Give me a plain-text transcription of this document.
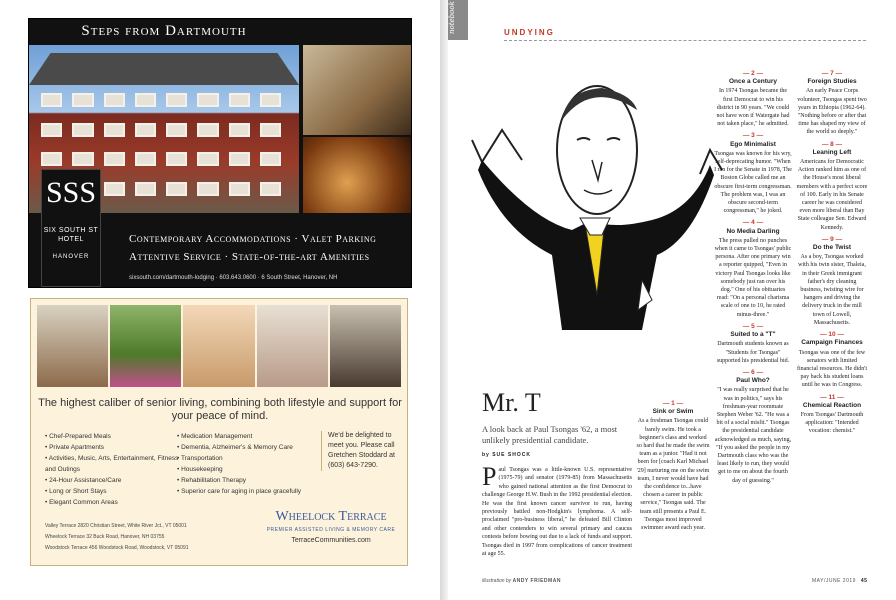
Steps from Dartmouth
SSS
SIX SOUTH ST HOTEL
HANOVER
Contemporary Accommodations · Valet Parking
Attentive Service · State-of-the-art Amenities
sixsouth.com/dartmouth-lodging · 603.643.0600 · 6 South Street, Hanover, NH
The highest caliber of senior living, combining both lifestyle and support for your peace of mind.
• Chef-Prepared Meals
• Private Apartments
• Activities, Music, Arts, Entertainment, Fitness and Outings
• 24-Hour Assistance/Care
• Long or Short Stays
• Elegant Common Areas
• Medication Management
• Dementia, Alzheimer's & Memory Care
• Transportation
• Housekeeping
• Rehabilitation Therapy
• Superior care for aging in place gracefully
We'd be delighted to meet you. Please call Gretchen Stoddard at (603) 643-7290.
Valley Terrace 2820 Christian Street, White River Jct., VT 05001
Wheelock Terrace 32 Buck Road, Hanover, NH 03755
Woodstock Terrace 456 Woodstock Road, Woodstock, VT 05091
Wheelock Terrace
PREMIER ASSISTED LIVING & MEMORY CARE
TerraceCommunities.com
notebook	UNDYING
Mr. T
A look back at Paul Tsongas '62, a most unlikely presidential candidate.
by SUE SHOCK
Paul Tsongas was a little-known U.S. representative (1975-79) and senator (1979-85) from Massachusetts who gained national attention as the first Democrat to challenge George H.W. Bush in the 1992 presidential election. He was the first known cancer survivor to run, having previously battled non-Hodgkin's lymphoma. A self-proclaimed "pro-business liberal," he defeated Bill Clinton and other contenders to win several primary and caucus contests before bowing out due to a lack of funds and support. Tsongas died in 1997 from complications of cancer treatment at age 55.
— 1 —
Sink or Swim
As a freshman Tsongas could barely swim. He took a beginner's class and worked so hard that he made the swim team as a junior. "Had it not been for [coach Karl Michael '29] nurturing me on the swim team, I never would have had the confidence to...have chosen a career in public service," Tsongas said. The team still presents a Paul E. Tsongas most improved swimmer award each year.
— 2 —
Once a Century
In 1974 Tsongas became the first Democrat to win his district in 90 years. "We could not have won if Watergate had not taken place," he admitted.
— 3 —
Ego Minimalist
Tsongas was known for his wry, self-deprecating humor. "When I ran for the Senate in 1978, The Boston Globe called me an obscure first-term congressman. The problem was, I was an obscure second-term congressman," he joked.
— 4 —
No Media Darling
The press pulled no punches when it came to Tsongas' public persona. After one primary win a reporter quipped, "Even in victory Paul Tsongas looks like somebody just ran over his dog." One of his obituaries read: "On a personal charisma scale of one to 10, he rated minus-three."
— 5 —
Suited to a "T"
Dartmouth students known as "Students for Tsongas" supported his presidential bid.
— 6 —
Paul Who?
"I was really surprised that he was in politics," says his freshman-year roommate Stephen Weber '62. "He was a bit of a social misfit." Tsongas the presidential candidate acknowledged as much, saying, "If you asked the people in my Dartmouth class who was the least likely to run, they would get to me on about the fourth day of guessing."
— 7 —
Foreign Studies
An early Peace Corps volunteer, Tsongas spent two years in Ethiopia (1962-64). "Nothing before or after that time has shaped my view of the world so deeply."
— 8 —
Leaning Left
Americans for Democratic Action ranked him as one of the House's most liberal members with a perfect score of 100. Early in his Senate career he was considered even more liberal than Bay State colleague Sen. Edward Kennedy.
— 9 —
Do the Twist
As a boy, Tsongas worked with his twin sister, Thaleia, in their Greek immigrant father's dry cleaning business, twisting wire for hangers and driving the delivery truck in the mill town of Lowell, Massachusetts.
— 10 —
Campaign Finances
Tsongas was one of the few senators with limited financial resources. He didn't pay back his student loans until he was in Congress.
— 11 —
Chemical Reaction
From Tsongas' Dartmouth application: "Intended vocation: chemist."
illustration by ANDY FRIEDMAN	MAY/JUNE 2019 45
